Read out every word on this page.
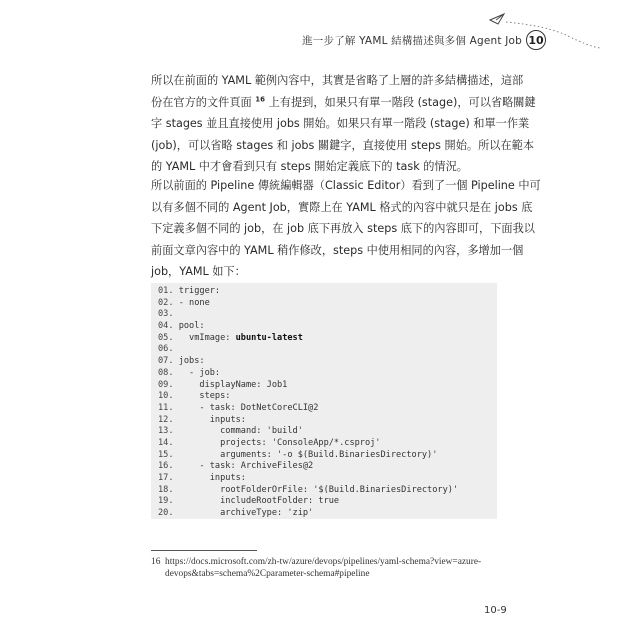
進一步了解 YAML 結構描述與多個 Agent Job 10
所以在前面的 YAML 範例內容中，其實是省略了上層的許多結構描述，這部
份在官方的文件頁面 $^{16}$ 上有提到，如果只有單一階段 (stage)，可以省略關鍵
字 stages 並且直接使用 jobs 開始。如果只有單一階段 (stage) 和單一作業
(job)，可以省略 stages 和 jobs 關鍵字，直接使用 steps 開始。所以在範本
的 YAML 中才會看到只有 steps 開始定義底下的 task 的情況。
所以前面的 Pipeline 傳統編輯器（Classic Editor）看到了一個 Pipeline 中可
以有多個不同的 Agent Job，實際上在 YAML 格式的內容中就只是在 jobs 底
下定義多個不同的 job，在 job 底下再放入 steps 底下的內容即可，下面我以
前面文章內容中的 YAML 稍作修改，steps 中使用相同的內容，多增加一個
job，YAML 如下：
01. trigger:
02. - none
03.
04. pool:
05.   vmImage: ubuntu-latest
06.
07. jobs:
08.   - job:
09.     displayName: Job1
10.     steps:
11.     - task: DotNetCoreCLI@2
12.       inputs:
13.         command: 'build'
14.         projects: 'ConsoleApp/*.csproj'
15.         arguments: '-o $(Build.BinariesDirectory)'
16.     - task: ArchiveFiles@2
17.       inputs:
18.         rootFolderOrFile: '$(Build.BinariesDirectory)'
19.         includeRootFolder: true
20.         archiveType: 'zip'
16 https://docs.microsoft.com/zh-tw/azure/devops/pipelines/yaml-schema?view=azure-
devops&tabs=schema%2Cparameter-schema#pipeline
10-9
